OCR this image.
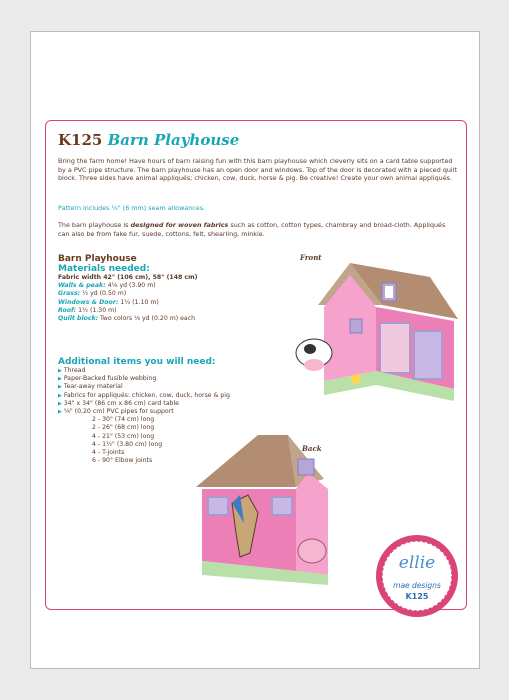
K125 Barn Playhouse
Bring the farm home! Have hours of barn raising fun with this barn playhouse which cleverly sits on a card table supported by a PVC pipe structure. The barn playhouse has an open door and windows. Top of the door is decorated with a pieced quilt block. Three sides have animal appliqués; chicken, cow, duck, horse & pig. Be creative! Create your own animal appliqués.
Pattern includes ¼" (6 mm) seam allowances.
The barn playhouse is designed for woven fabrics such as cotton, cotton types, chambray and broad-cloth. Appliqués can also be from fake fur, suede, cottons, felt, shearling, minkie.
Barn Playhouse
Materials needed:
Fabric width 42" (106 cm), 58" (148 cm)
Walls & peak: 4⅛ yd (3.90 m)
Grass: ½ yd (0.50 m)
Windows & Door: 1¼ (1.10 m)
Roof: 1½ (1.30 m)
Quilt block: Two colors ⅛ yd (0.20 m) each
Additional items you will need:
▶ Thread
▶ Paper-Backed fusible webbing
▶ Tear-away material
▶ Fabrics for appliqués: chicken, cow, duck, horse & pig
▶ 34" x 34" (86 cm x 86 cm) card table
▶ ⅝" (0.20 cm) PVC pipes for support
2 - 30" (74 cm) long
2 - 26" (68 cm) long
4 - 21" (53 cm) long
4 - 1½" (3.80 cm) long
4 - T-joints
6 - 90° Elbow joints
Front
Back
ellie
mae designs
K125
